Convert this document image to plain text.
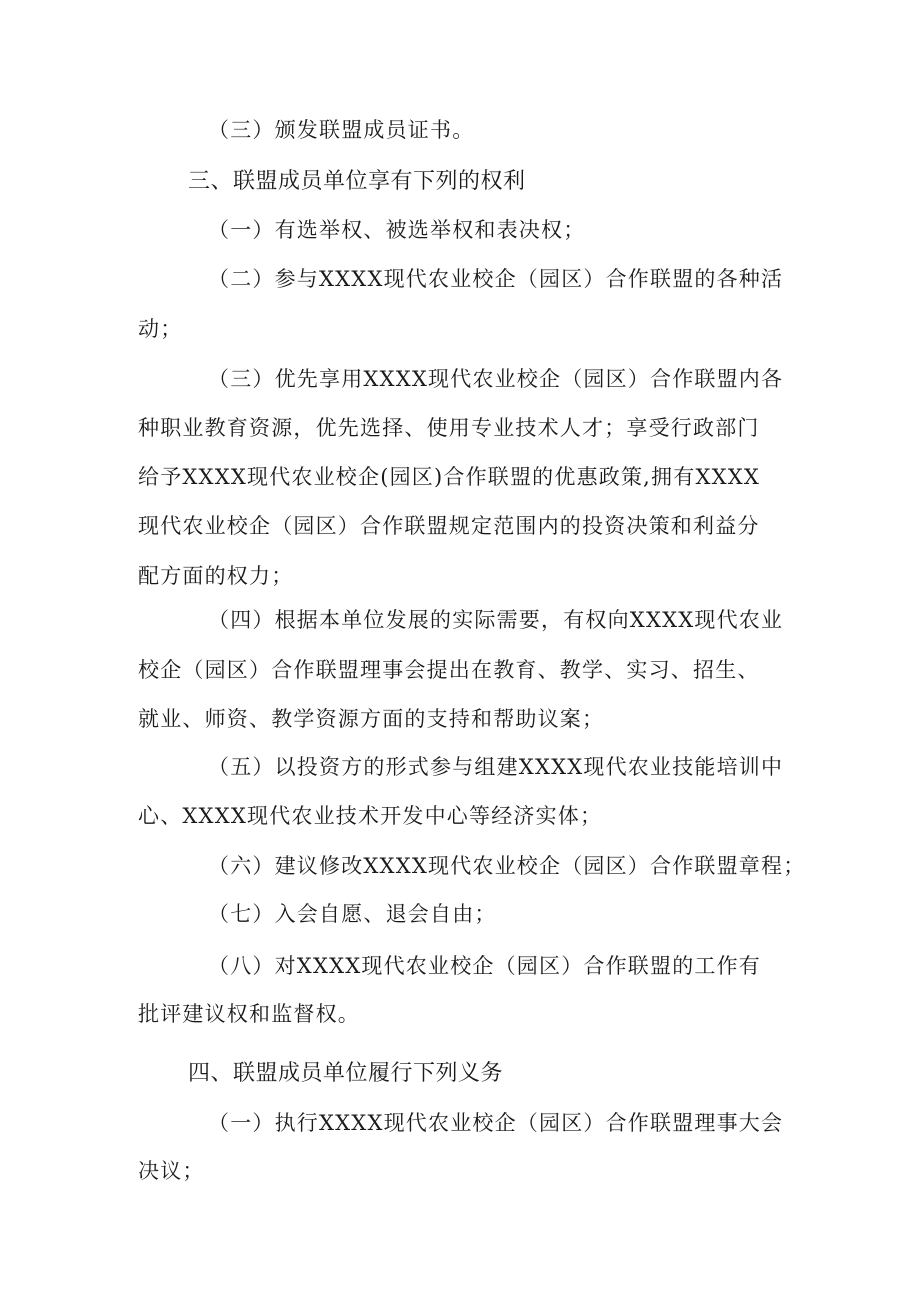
（三）颁发联盟成员证书。
三、联盟成员单位享有下列的权利
（一）有选举权、被选举权和表决权；
（二）参与XXXX现代农业校企（园区）合作联盟的各种活
动；
（三）优先享用XXXX现代农业校企（园区）合作联盟内各
种职业教育资源，优先选择、使用专业技术人才；享受行政部门
给予XXXX现代农业校企(园区)合作联盟的优惠政策,拥有XXXX
现代农业校企（园区）合作联盟规定范围内的投资决策和利益分
配方面的权力；
（四）根据本单位发展的实际需要，有权向XXXX现代农业
校企（园区）合作联盟理事会提出在教育、教学、实习、招生、
就业、师资、教学资源方面的支持和帮助议案；
（五）以投资方的形式参与组建XXXX现代农业技能培训中
心、XXXX现代农业技术开发中心等经济实体；
（六）建议修改XXXX现代农业校企（园区）合作联盟章程；
（七）入会自愿、退会自由；
（八）对XXXX现代农业校企（园区）合作联盟的工作有
批评建议权和监督权。
四、联盟成员单位履行下列义务
（一）执行XXXX现代农业校企（园区）合作联盟理事大会
决议；
